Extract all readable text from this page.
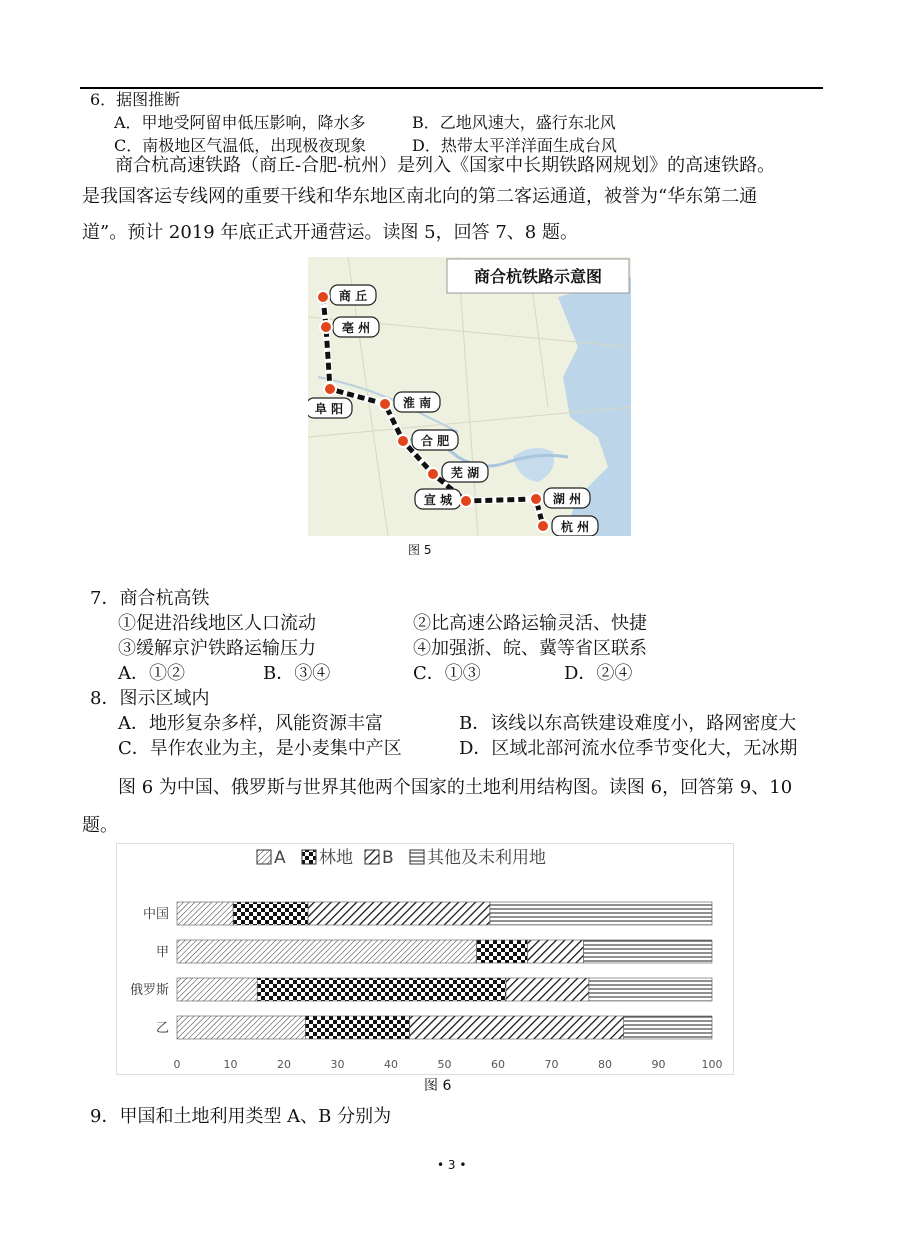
6．据图推断
A．甲地受阿留申低压影响，降水多	B．乙地风速大，盛行东北风
C．南极地区气温低，出现极夜现象	D．热带太平洋洋面生成台风
商合杭高速铁路（商丘-合肥-杭州）是列入《国家中长期铁路网规划》的高速铁路。
是我国客运专线网的重要干线和华东地区南北向的第二客运通道，被誉为“华东第二通
道”。预计 2019 年底正式开通营运。读图 5，回答 7、8 题。
商合杭铁路示意图
商 丘
亳 州
阜 阳	淮 南
合 肥
芜 湖
宣 城	湖 州
杭 州
图 5
7．商合杭高铁
①促进沿线地区人口流动	②比高速公路运输灵活、快捷
③缓解京沪铁路运输压力	④加强浙、皖、冀等省区联系
A．①②	B．③④	C．①③	D．②④
8．图示区域内
A．地形复杂多样，风能资源丰富	B．该线以东高铁建设难度小，路网密度大
C．旱作农业为主，是小麦集中产区	D．区域北部河流水位季节变化大，无冰期
图 6 为中国、俄罗斯与世界其他两个国家的土地利用结构图。读图 6，回答第 9、10
题。
A 林地 B 其他及未利用地
中国
甲
俄罗斯
乙
0	10	20	30	40	50	60	70	80	90	100
图 6
9．甲国和土地利用类型 A、B 分别为
• 3 •
